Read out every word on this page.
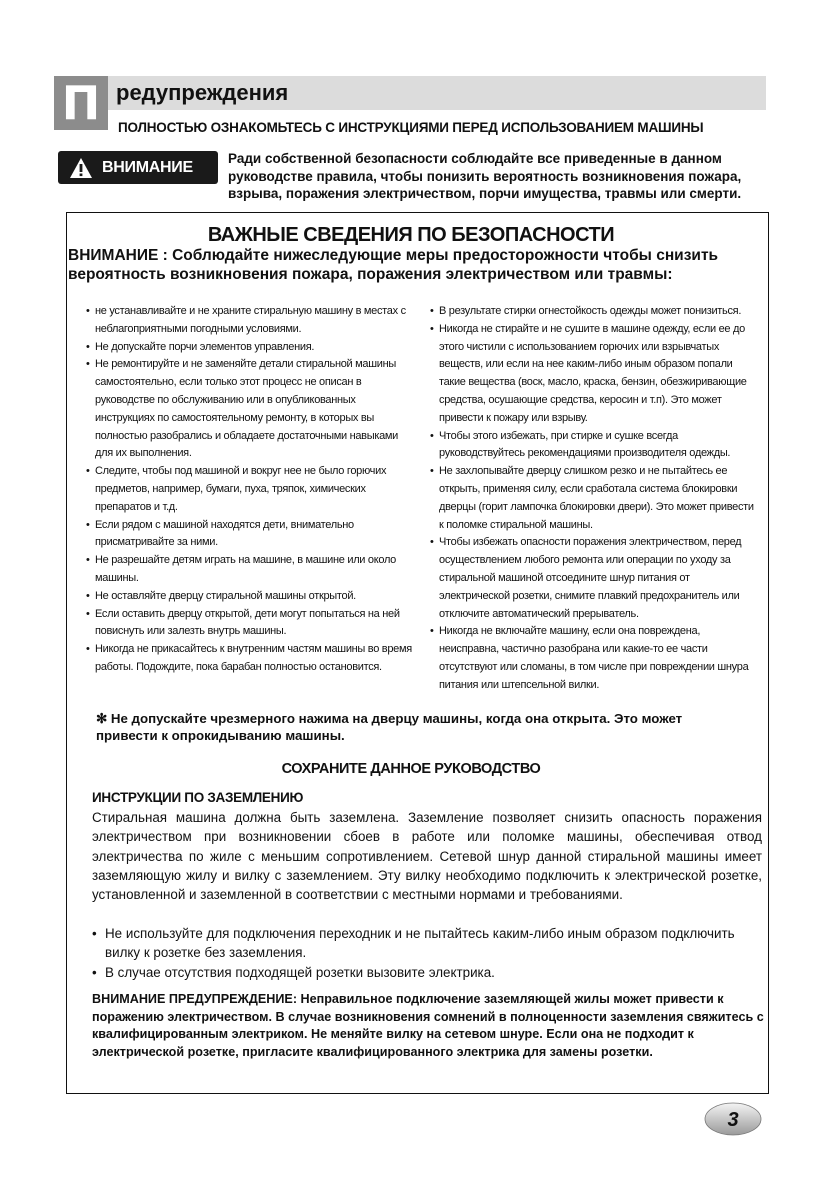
П редупреждения
ПОЛНОСТЬЮ ОЗНАКОМЬТЕСЬ С ИНСТРУКЦИЯМИ ПЕРЕД ИСПОЛЬЗОВАНИЕМ МАШИНЫ
ВНИМАНИЕ	Ради собственной безопасности соблюдайте все приведенные в данном руководстве правила, чтобы понизить вероятность возникновения пожара, взрыва, поражения электричеством, порчи имущества, травмы или смерти.
ВАЖНЫЕ СВЕДЕНИЯ ПО БЕЗОПАСНОСТИ
ВНИМАНИЕ : Соблюдайте нижеследующие меры предосторожности чтобы снизить вероятность возникновения пожара, поражения электричеством или травмы:
• не устанавливайте и не храните стиральную машину в местах с неблагоприятными погодными условиями.
• Не допускайте порчи элементов управления.
• Не ремонтируйте и не заменяйте детали стиральной машины самостоятельно, если только этот процесс не описан в руководстве по обслуживанию или в опубликованных инструкциях по самостоятельному ремонту, в которых вы полностью разобрались и обладаете достаточными навыками для их выполнения.
• Следите, чтобы под машиной и вокруг нее не было горючих предметов, например, бумаги, пуха, тряпок, химических препаратов и т.д.
• Если рядом с машиной находятся дети, внимательно присматривайте за ними.
• Не разрешайте детям играть на машине, в машине или около машины.
• Не оставляйте дверцу стиральной машины открытой.
• Если оставить дверцу открытой, дети могут попытаться на ней повиснуть или залезть внутрь машины.
• Никогда не прикасайтесь к внутренним частям машины во время работы. Подождите, пока барабан полностью остановится.
• В результате стирки огнестойкость одежды может понизиться.
• Никогда не стирайте и не сушите в машине одежду, если ее до этого чистили с использованием горючих или взрывчатых веществ, или если на нее каким-либо иным образом попали такие вещества (воск, масло, краска, бензин, обезжиривающие средства, осушающие средства, керосин и т.п). Это может привести к пожару или взрыву.
• Чтобы этого избежать, при стирке и сушке всегда руководствуйтесь рекомендациями производителя одежды.
• Не захлопывайте дверцу слишком резко и не пытайтесь ее открыть, применяя силу, если сработала система блокировки дверцы (горит лампочка блокировки двери). Это может привести к поломке стиральной машины.
• Чтобы избежать опасности поражения электричеством, перед осуществлением любого ремонта или операции по уходу за стиральной машиной отсоедините шнур питания от электрической розетки, снимите плавкий предохранитель или отключите автоматический прерыватель.
• Никогда не включайте машину, если она повреждена, неисправна, частично разобрана или какие-то ее части отсутствуют или сломаны, в том числе при повреждении шнура питания или штепсельной вилки.
✻ Не допускайте чрезмерного нажима на дверцу машины, когда она открыта. Это может привести к опрокидыванию машины.
СОХРАНИТЕ ДАННОЕ РУКОВОДСТВО
ИНСТРУКЦИИ ПО ЗАЗЕМЛЕНИЮ
Стиральная машина должна быть заземлена. Заземление позволяет снизить опасность поражения электричеством при возникновении сбоев в работе или поломке машины, обеспечивая отвод электричества по жиле с меньшим сопротивлением. Сетевой шнур данной стиральной машины имеет заземляющую жилу и вилку с заземлением. Эту вилку необходимо подключить к электрической розетке, установленной и заземленной в соответствии с местными нормами и требованиями.
• Не используйте для подключения переходник и не пытайтесь каким-либо иным образом подключить вилку к розетке без заземления.
• В случае отсутствия подходящей розетки вызовите электрика.
ВНИМАНИЕ ПРЕДУПРЕЖДЕНИЕ: Неправильное подключение заземляющей жилы может привести к поражению электричеством. В случае возникновения сомнений в полноценности заземления свяжитесь с квалифицированным электриком. Не меняйте вилку на сетевом шнуре. Если она не подходит к электрической розетке, пригласите квалифицированного электрика для замены розетки.
3
